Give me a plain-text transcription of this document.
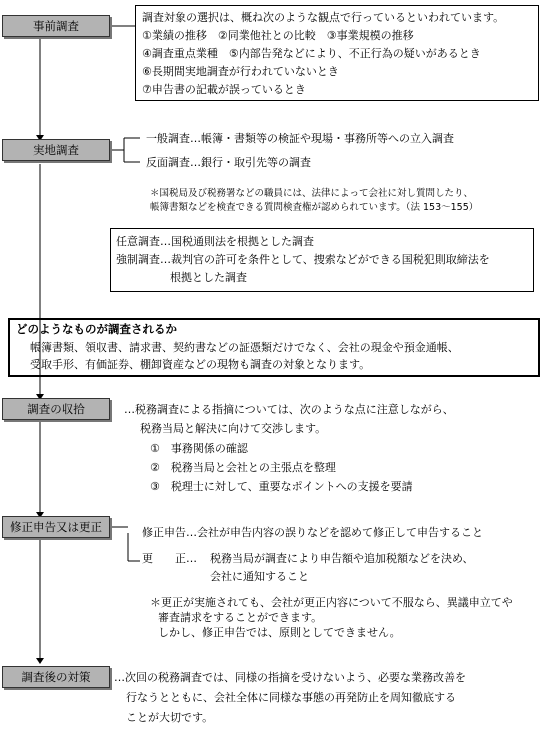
事前調査
調査対象の選択は、概ね次のような観点で行っているといわれています。
①業績の推移　②同業他社との比較　③事業規模の推移
④調査重点業種　⑤内部告発などにより、不正行為の疑いがあるとき
⑥長期間実地調査が行われていないとき
⑦申告書の記載が誤っているとき
実地調査
一般調査…帳簿・書類等の検証や現場・事務所等への立入調査
反面調査…銀行・取引先等の調査
＊国税局及び税務署などの職員には、法律によって会社に対し質問したり、
帳簿書類などを検査できる質問検査権が認められています。（法 153〜155）
任意調査…国税通則法を根拠とした調査
強制調査…裁判官の許可を条件として、捜索などができる国税犯則取締法を
根拠とした調査
どのようなものが調査されるか
帳簿書類、領収書、請求書、契約書などの証憑類だけでなく、会社の現金や預金通帳、
受取手形、有価証券、棚卸資産などの現物も調査の対象となります。
調査の収拾	…税務調査による指摘については、次のような点に注意しながら、
税務当局と解決に向けて交渉します。
①　事務関係の確認
②　税務当局と会社との主張点を整理
③　税理士に対して、重要なポイントへの支援を要請
修正申告又は更正	修正申告…会社が申告内容の誤りなどを認めて修正して申告すること
更　　正… 税務当局が調査により申告額や追加税額などを決め、
会社に通知すること
＊更正が実施されても、会社が更正内容について不服なら、異議申立てや
審査請求をすることができます。
しかし、修正申告では、原則としてできません。
調査後の対策	…次回の税務調査では、同様の指摘を受けないよう、必要な業務改善を
行なうとともに、会社全体に同様な事態の再発防止を周知徹底する
ことが大切です。
